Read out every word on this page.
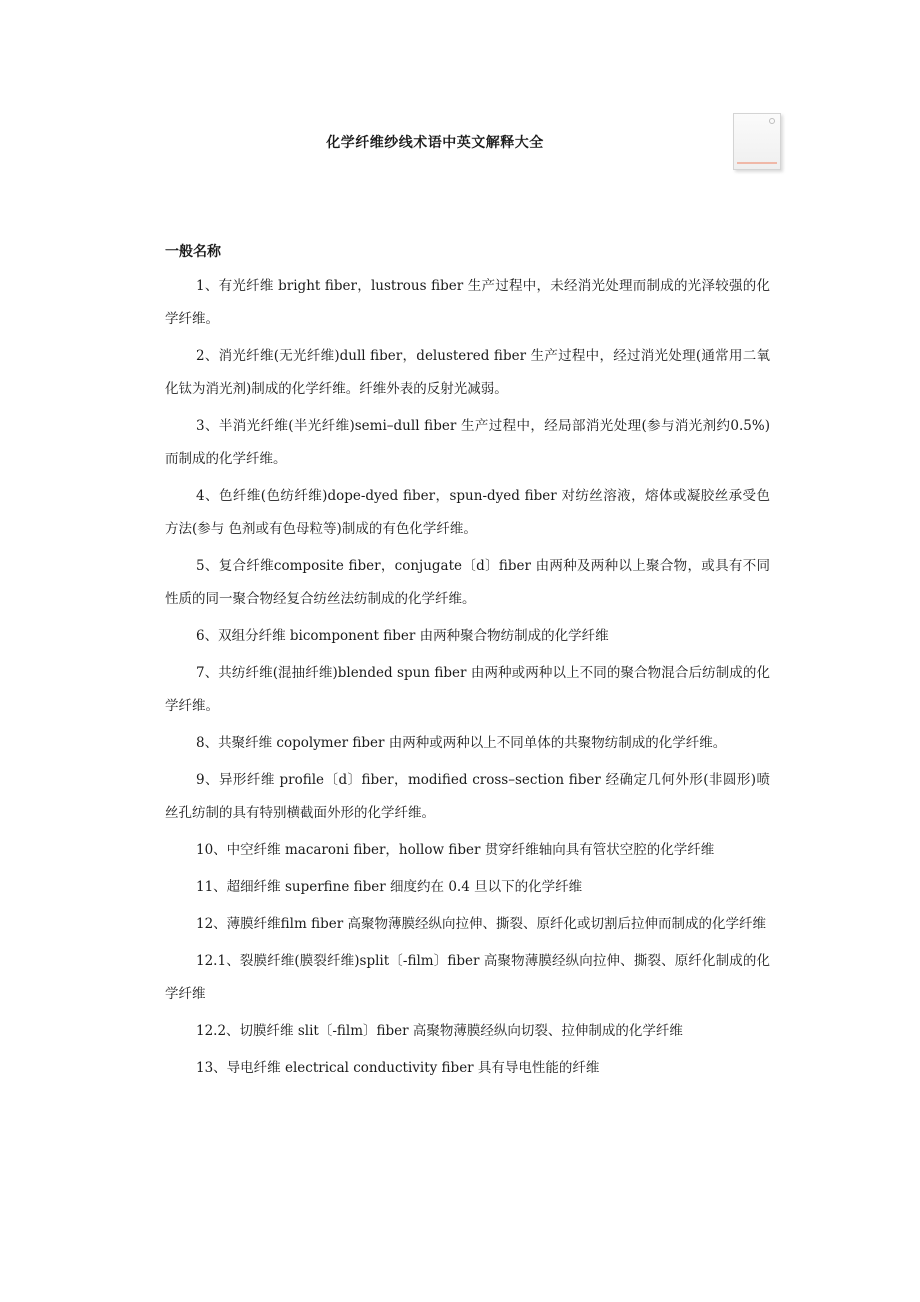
化学纤维纱线术语中英文解释大全
一般名称

1、有光纤维 bright fiber，lustrous fiber 生产过程中，未经消光处理而制成的光泽较强的化学纤维。

2、消光纤维(无光纤维)dull fiber，delustered fiber 生产过程中，经过消光处理(通常用二氧化钛为消光剂)制成的化学纤维。纤维外表的反射光减弱。

3、半消光纤维(半光纤维)semi–dull fiber 生产过程中，经局部消光处理(参与消光剂约0.5%)而制成的化学纤维。

4、色纤维(色纺纤维)dope-dyed fiber，spun-dyed fiber 对纺丝溶液，熔体或凝胶丝承受色方法(参与 色剂或有色母粒等)制成的有色化学纤维。

5、复合纤维composite fiber，conjugate〔d〕fiber 由两种及两种以上聚合物，或具有不同性质的同一聚合物经复合纺丝法纺制成的化学纤维。

6、双组分纤维 bicomponent fiber 由两种聚合物纺制成的化学纤维

7、共纺纤维(混抽纤维)blended spun fiber 由两种或两种以上不同的聚合物混合后纺制成的化学纤维。

8、共聚纤维 copolymer fiber 由两种或两种以上不同单体的共聚物纺制成的化学纤维。

9、异形纤维 profile〔d〕fiber，modified cross–section fiber 经确定几何外形(非圆形)喷丝孔纺制的具有特别横截面外形的化学纤维。

10、中空纤维 macaroni fiber，hollow fiber 贯穿纤维轴向具有管状空腔的化学纤维

11、超细纤维 superfine fiber 细度约在 0.4 旦以下的化学纤维

12、薄膜纤维film fiber 高聚物薄膜经纵向拉伸、撕裂、原纤化或切割后拉伸而制成的化学纤维

12.1、裂膜纤维(膜裂纤维)split〔-film〕fiber 高聚物薄膜经纵向拉伸、撕裂、原纤化制成的化学纤维

12.2、切膜纤维 slit〔-film〕fiber 高聚物薄膜经纵向切裂、拉伸制成的化学纤维

13、导电纤维 electrical conductivity fiber 具有导电性能的纤维
